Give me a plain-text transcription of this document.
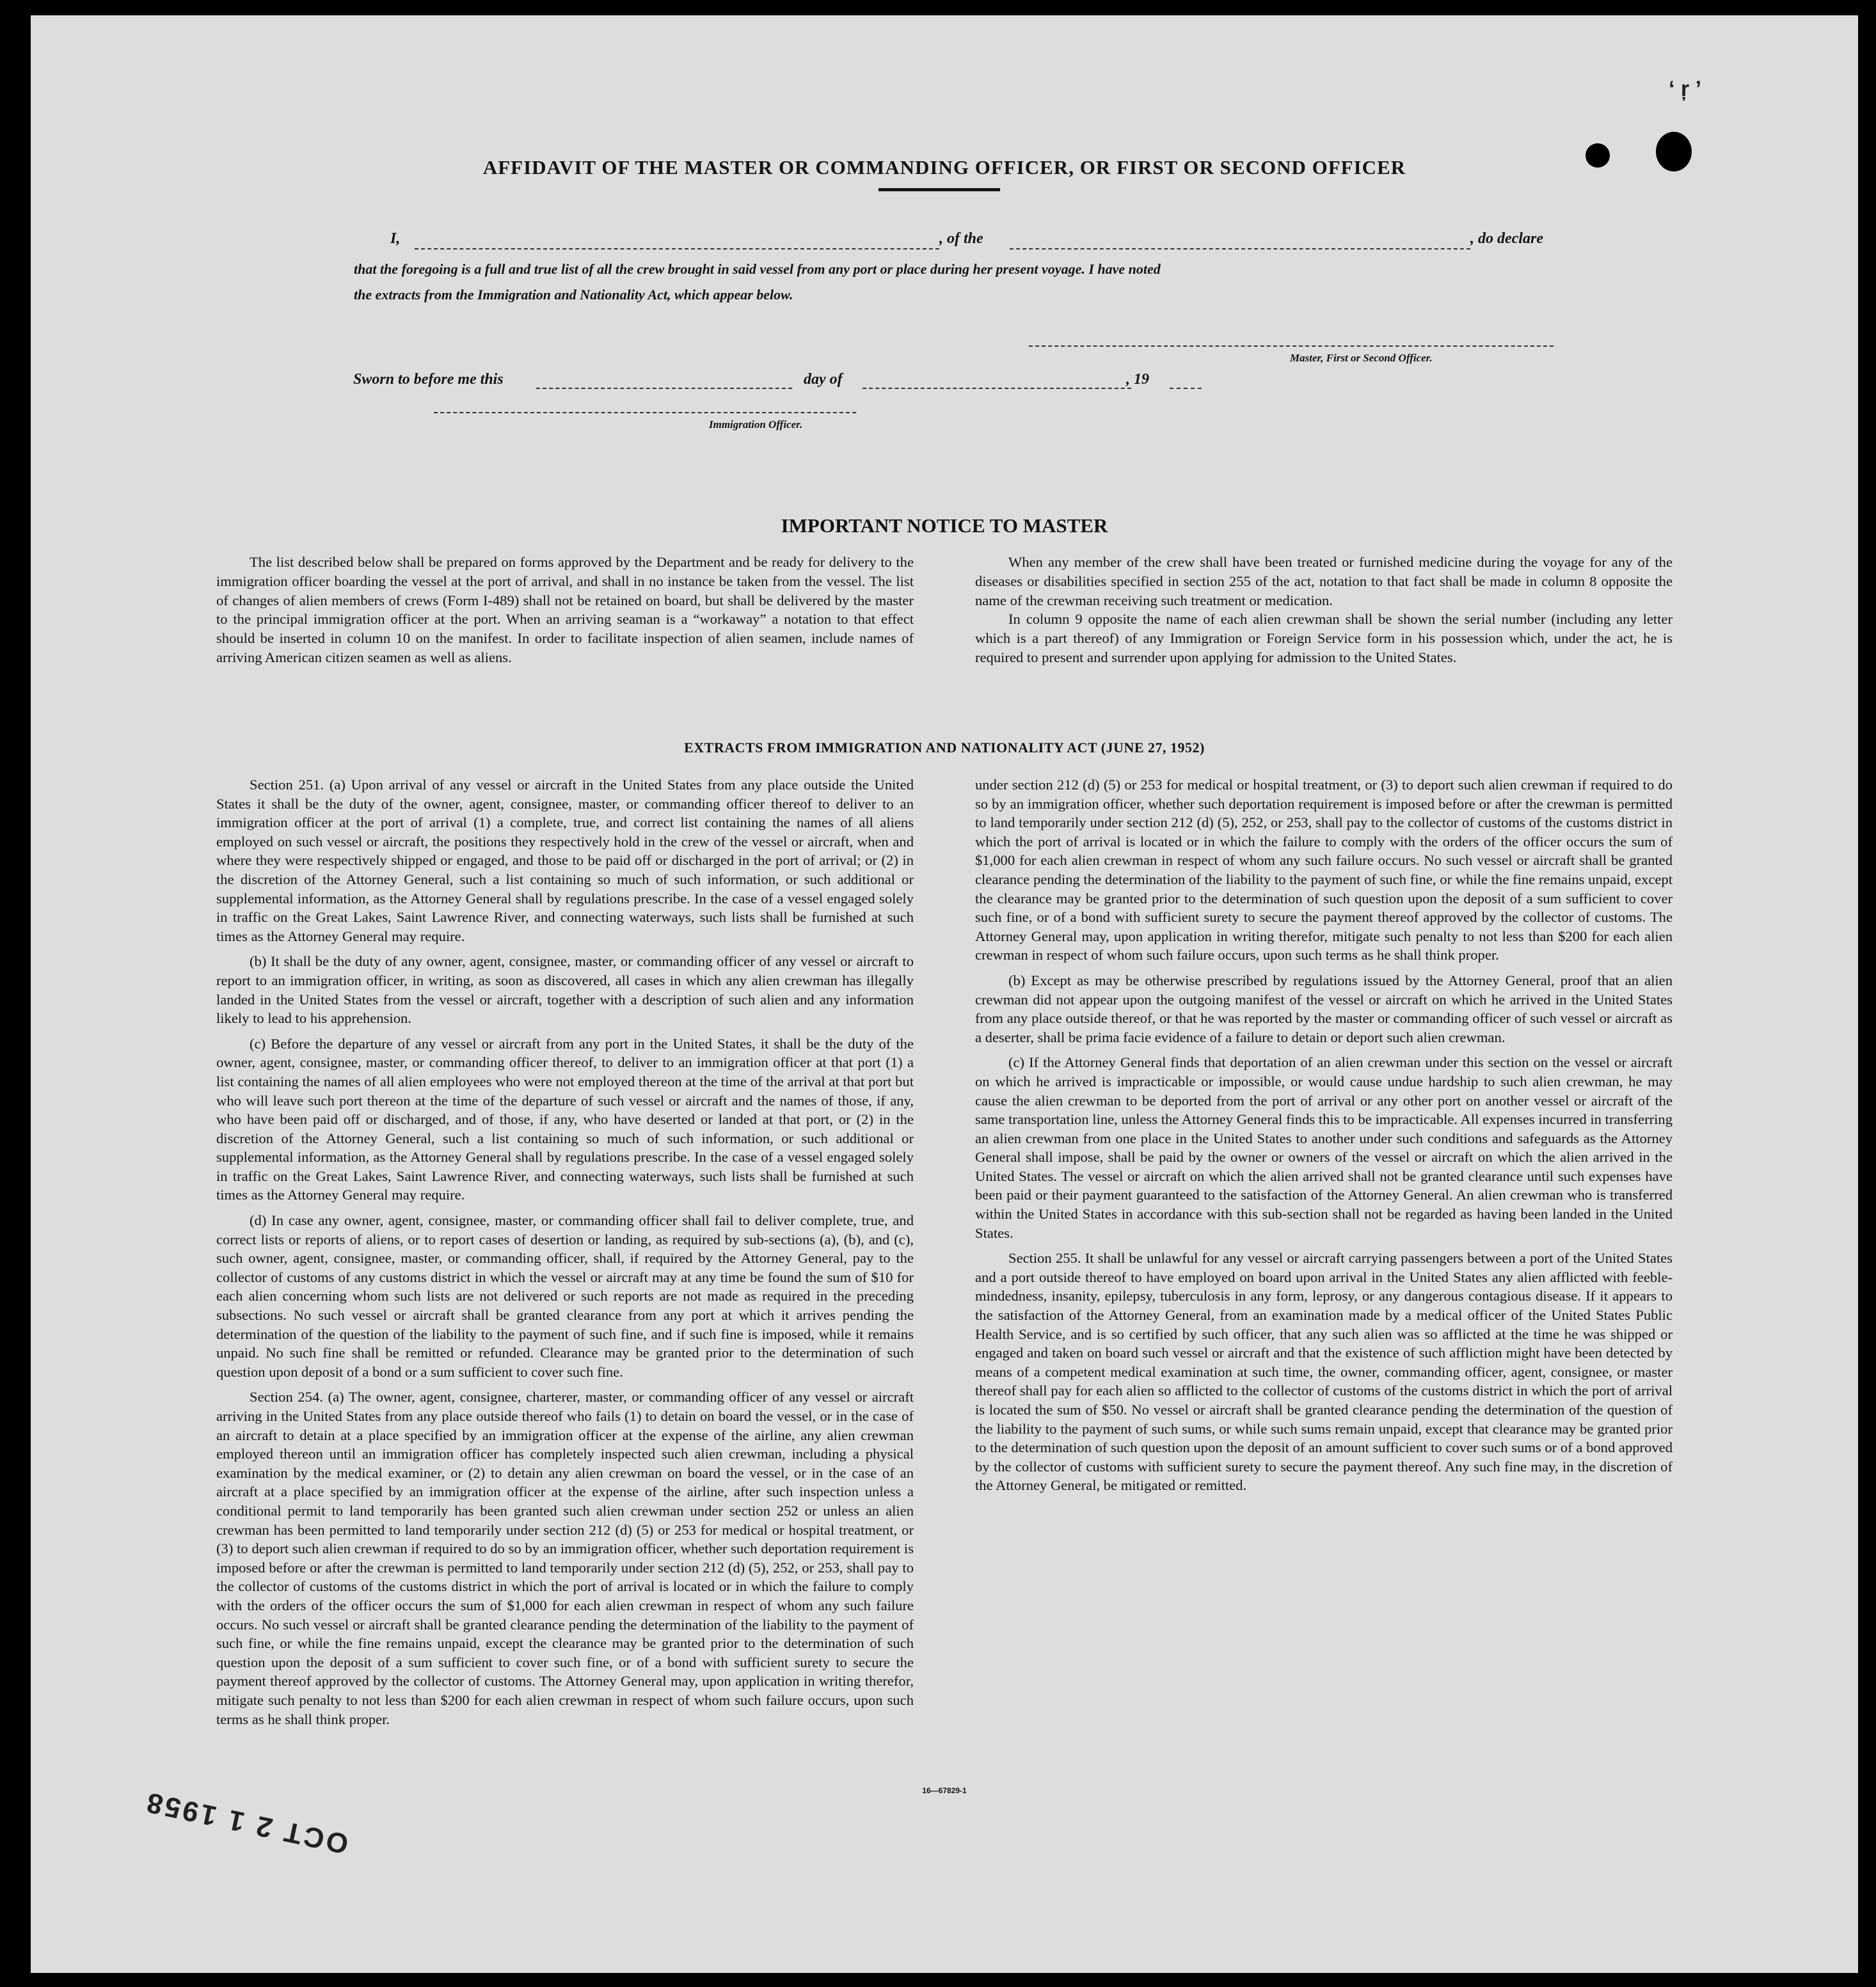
‘ ŗ ’
AFFIDAVIT OF THE MASTER OR COMMANDING OFFICER, OR FIRST OR SECOND OFFICER
I,	, of the	, do declare
that the foregoing is a full and true list of all the crew brought in said vessel from any port or place during her present voyage. I have noted
the extracts from the Immigration and Nationality Act, which appear below.
Master, First or Second Officer.
Sworn to before me this	day of	, 19
Immigration Officer.
IMPORTANT NOTICE TO MASTER

The list described below shall be prepared on forms approved by the Department and be ready for delivery to the immigration officer boarding the vessel at the port of arrival, and shall in no instance be taken from the vessel. The list of changes of alien members of crews (Form I-489) shall not be retained on board, but shall be delivered by the master to the principal immigration officer at the port. When an arriving seaman is a “workaway” a notation to that effect should be inserted in column 10 on the manifest. In order to facilitate inspection of alien seamen, include names of arriving American citizen seamen as well as aliens.

When any member of the crew shall have been treated or furnished medicine during the voyage for any of the diseases or disabilities specified in section 255 of the act, notation to that fact shall be made in column 8 opposite the name of the crewman receiving such treatment or medication.

In column 9 opposite the name of each alien crewman shall be shown the serial number (including any letter which is a part thereof) of any Immigration or Foreign Service form in his possession which, under the act, he is required to present and surrender upon applying for admission to the United States.

EXTRACTS FROM IMMIGRATION AND NATIONALITY ACT (JUNE 27, 1952)

Section 251. (a) Upon arrival of any vessel or aircraft in the United States from any place outside the United States it shall be the duty of the owner, agent, consignee, master, or commanding officer thereof to deliver to an immigration officer at the port of arrival (1) a complete, true, and correct list containing the names of all aliens employed on such vessel or aircraft, the positions they respectively hold in the crew of the vessel or aircraft, when and where they were respectively shipped or engaged, and those to be paid off or discharged in the port of arrival; or (2) in the discretion of the Attorney General, such a list containing so much of such information, or such additional or supplemental information, as the Attorney General shall by regulations prescribe. In the case of a vessel engaged solely in traffic on the Great Lakes, Saint Lawrence River, and connecting waterways, such lists shall be furnished at such times as the Attorney General may require.

(b) It shall be the duty of any owner, agent, consignee, master, or commanding officer of any vessel or aircraft to report to an immigration officer, in writing, as soon as discovered, all cases in which any alien crewman has illegally landed in the United States from the vessel or aircraft, together with a description of such alien and any information likely to lead to his apprehension.

(c) Before the departure of any vessel or aircraft from any port in the United States, it shall be the duty of the owner, agent, consignee, master, or commanding officer thereof, to deliver to an immigration officer at that port (1) a list containing the names of all alien employees who were not employed thereon at the time of the arrival at that port but who will leave such port thereon at the time of the departure of such vessel or aircraft and the names of those, if any, who have been paid off or discharged, and of those, if any, who have deserted or landed at that port, or (2) in the discretion of the Attorney General, such a list containing so much of such information, or such additional or supplemental information, as the Attorney General shall by regulations prescribe. In the case of a vessel engaged solely in traffic on the Great Lakes, Saint Lawrence River, and connecting waterways, such lists shall be furnished at such times as the Attorney General may require.

(d) In case any owner, agent, consignee, master, or commanding officer shall fail to deliver complete, true, and correct lists or reports of aliens, or to report cases of desertion or landing, as required by sub-sections (a), (b), and (c), such owner, agent, consignee, master, or commanding officer, shall, if required by the Attorney General, pay to the collector of customs of any customs district in which the vessel or aircraft may at any time be found the sum of $10 for each alien concerning whom such lists are not delivered or such reports are not made as required in the preceding subsections. No such vessel or aircraft shall be granted clearance from any port at which it arrives pending the determination of the question of the liability to the payment of such fine, and if such fine is imposed, while it remains unpaid. No such fine shall be remitted or refunded. Clearance may be granted prior to the determination of such question upon deposit of a bond or a sum sufficient to cover such fine.

Section 254. (a) The owner, agent, consignee, charterer, master, or commanding officer of any vessel or aircraft arriving in the United States from any place outside thereof who fails (1) to detain on board the vessel, or in the case of an aircraft to detain at a place specified by an immigration officer at the expense of the airline, any alien crewman employed thereon until an immigration officer has completely inspected such alien crewman, including a physical examination by the medical examiner, or (2) to detain any alien crewman on board the vessel, or in the case of an aircraft at a place specified by an immigration officer at the expense of the airline, after such inspection unless a conditional permit to land temporarily has been granted such alien crewman under section 252 or unless an alien crewman has been permitted to land temporarily under section 212 (d) (5) or 253 for medical or hospital treatment, or (3) to deport such alien crewman if required to do so by an immigration officer, whether such deportation requirement is imposed before or after the crewman is permitted to land temporarily under section 212 (d) (5), 252, or 253, shall pay to the collector of customs of the customs district in which the port of arrival is located or in which the failure to comply with the orders of the officer occurs the sum of $1,000 for each alien crewman in respect of whom any such failure occurs. No such vessel or aircraft shall be granted clearance pending the determination of the liability to the payment of such fine, or while the fine remains unpaid, except the clearance may be granted prior to the determination of such question upon the deposit of a sum sufficient to cover such fine, or of a bond with sufficient surety to secure the payment thereof approved by the collector of customs. The Attorney General may, upon application in writing therefor, mitigate such penalty to not less than $200 for each alien crewman in respect of whom such failure occurs, upon such terms as he shall think proper.

under section 212 (d) (5) or 253 for medical or hospital treatment, or (3) to deport such alien crewman if required to do so by an immigration officer, whether such deportation requirement is imposed before or after the crewman is permitted to land temporarily under section 212 (d) (5), 252, or 253, shall pay to the collector of customs of the customs district in which the port of arrival is located or in which the failure to comply with the orders of the officer occurs the sum of $1,000 for each alien crewman in respect of whom any such failure occurs. No such vessel or aircraft shall be granted clearance pending the determination of the liability to the payment of such fine, or while the fine remains unpaid, except the clearance may be granted prior to the determination of such question upon the deposit of a sum sufficient to cover such fine, or of a bond with sufficient surety to secure the payment thereof approved by the collector of customs. The Attorney General may, upon application in writing therefor, mitigate such penalty to not less than $200 for each alien crewman in respect of whom such failure occurs, upon such terms as he shall think proper.

(b) Except as may be otherwise prescribed by regulations issued by the Attorney General, proof that an alien crewman did not appear upon the outgoing manifest of the vessel or aircraft on which he arrived in the United States from any place outside thereof, or that he was reported by the master or commanding officer of such vessel or aircraft as a deserter, shall be prima facie evidence of a failure to detain or deport such alien crewman.

(c) If the Attorney General finds that deportation of an alien crewman under this section on the vessel or aircraft on which he arrived is impracticable or impossible, or would cause undue hardship to such alien crewman, he may cause the alien crewman to be deported from the port of arrival or any other port on another vessel or aircraft of the same transportation line, unless the Attorney General finds this to be impracticable. All expenses incurred in transferring an alien crewman from one place in the United States to another under such conditions and safeguards as the Attorney General shall impose, shall be paid by the owner or owners of the vessel or aircraft on which the alien arrived in the United States. The vessel or aircraft on which the alien arrived shall not be granted clearance until such expenses have been paid or their payment guaranteed to the satisfaction of the Attorney General. An alien crewman who is transferred within the United States in accordance with this sub-section shall not be regarded as having been landed in the United States.

Section 255. It shall be unlawful for any vessel or aircraft carrying passengers between a port of the United States and a port outside thereof to have employed on board upon arrival in the United States any alien afflicted with feeble-mindedness, insanity, epilepsy, tuberculosis in any form, leprosy, or any dangerous contagious disease. If it appears to the satisfaction of the Attorney General, from an examination made by a medical officer of the United States Public Health Service, and is so certified by such officer, that any such alien was so afflicted at the time he was shipped or engaged and taken on board such vessel or aircraft and that the existence of such affliction might have been detected by means of a competent medical examination at such time, the owner, commanding officer, agent, consignee, or master thereof shall pay for each alien so afflicted to the collector of customs of the customs district in which the port of arrival is located the sum of $50. No vessel or aircraft shall be granted clearance pending the determination of the question of the liability to the payment of such sums, or while such sums remain unpaid, except that clearance may be granted prior to the determination of such question upon the deposit of an amount sufficient to cover such sums or of a bond approved by the collector of customs with sufficient surety to secure the payment thereof. Any such fine may, in the discretion of the Attorney General, be mitigated or remitted.

16—67829-1
OCT 2 1 1958
